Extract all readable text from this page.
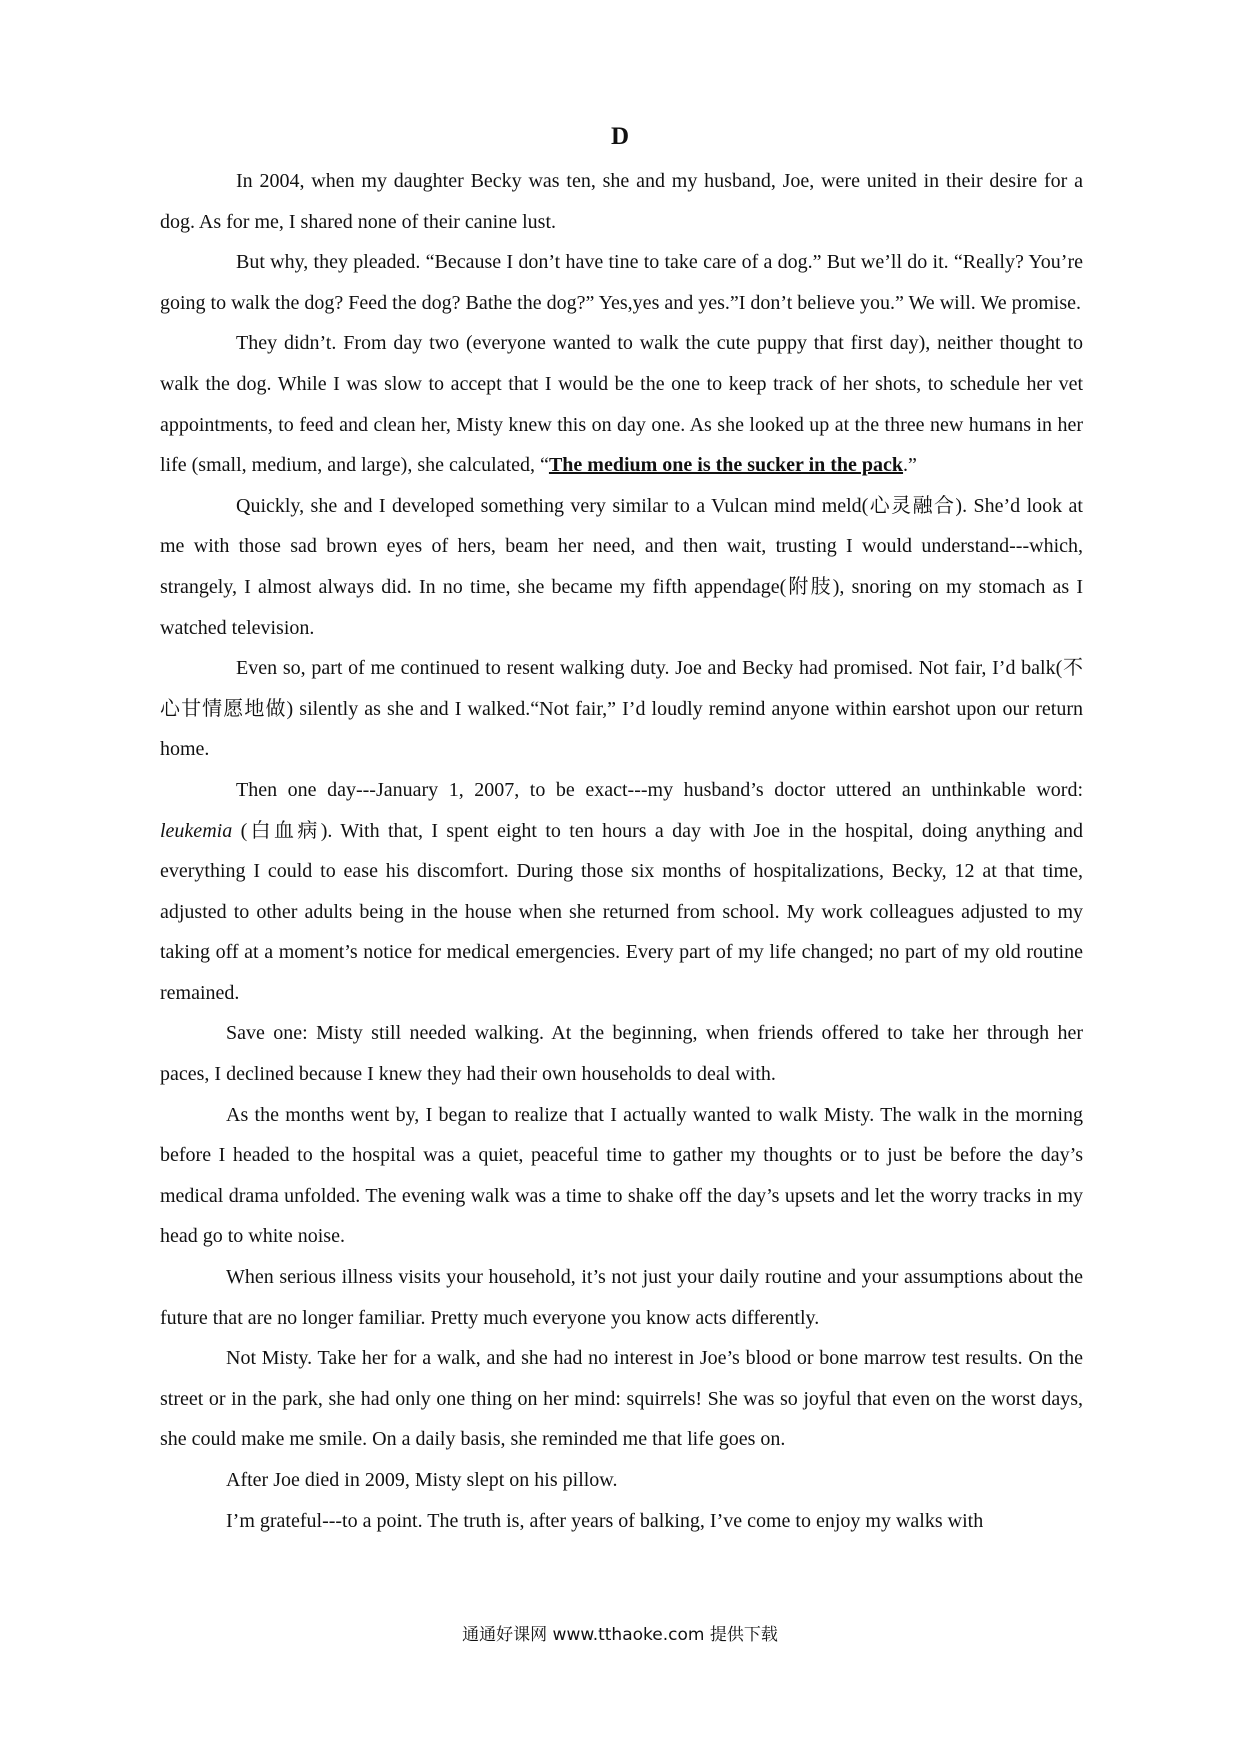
D

In 2004, when my daughter Becky was ten, she and my husband, Joe, were united in their desire for a dog. As for me, I shared none of their canine lust.

But why, they pleaded. “Because I don’t have tine to take care of a dog.” But we’ll do it. “Really? You’re going to walk the dog? Feed the dog? Bathe the dog?” Yes,yes and yes.”I don’t believe you.” We will. We promise.

They didn’t. From day two (everyone wanted to walk the cute puppy that first day), neither thought to walk the dog. While I was slow to accept that I would be the one to keep track of her shots, to schedule her vet appointments, to feed and clean her, Misty knew this on day one. As she looked up at the three new humans in her life (small, medium, and large), she calculated, “The medium one is the sucker in the pack.”

Quickly, she and I developed something very similar to a Vulcan mind meld(心灵融合). She’d look at me with those sad brown eyes of hers, beam her need, and then wait, trusting I would understand---which, strangely, I almost always did. In no time, she became my fifth appendage(附肢), snoring on my stomach as I watched television.

Even so, part of me continued to resent walking duty. Joe and Becky had promised. Not fair, I’d balk(不心甘情愿地做) silently as she and I walked.“Not fair,” I’d loudly remind anyone within earshot upon our return home.

Then one day---January 1, 2007, to be exact---my husband’s doctor uttered an unthinkable word: leukemia (白血病). With that, I spent eight to ten hours a day with Joe in the hospital, doing anything and everything I could to ease his discomfort. During those six months of hospitalizations, Becky, 12 at that time, adjusted to other adults being in the house when she returned from school. My work colleagues adjusted to my taking off at a moment’s notice for medical emergencies. Every part of my life changed; no part of my old routine remained.

Save one: Misty still needed walking. At the beginning, when friends offered to take her through her paces, I declined because I knew they had their own households to deal with.

As the months went by, I began to realize that I actually wanted to walk Misty. The walk in the morning before I headed to the hospital was a quiet, peaceful time to gather my thoughts or to just be before the day’s medical drama unfolded. The evening walk was a time to shake off the day’s upsets and let the worry tracks in my head go to white noise.

When serious illness visits your household, it’s not just your daily routine and your assumptions about the future that are no longer familiar. Pretty much everyone you know acts differently.

Not Misty. Take her for a walk, and she had no interest in Joe’s blood or bone marrow test results. On the street or in the park, she had only one thing on her mind: squirrels! She was so joyful that even on the worst days, she could make me smile. On a daily basis, she reminded me that life goes on.

After Joe died in 2009, Misty slept on his pillow.

I’m grateful---to a point. The truth is, after years of balking, I’ve come to enjoy my walks with

通通好课网 www.tthaoke.com 提供下载
